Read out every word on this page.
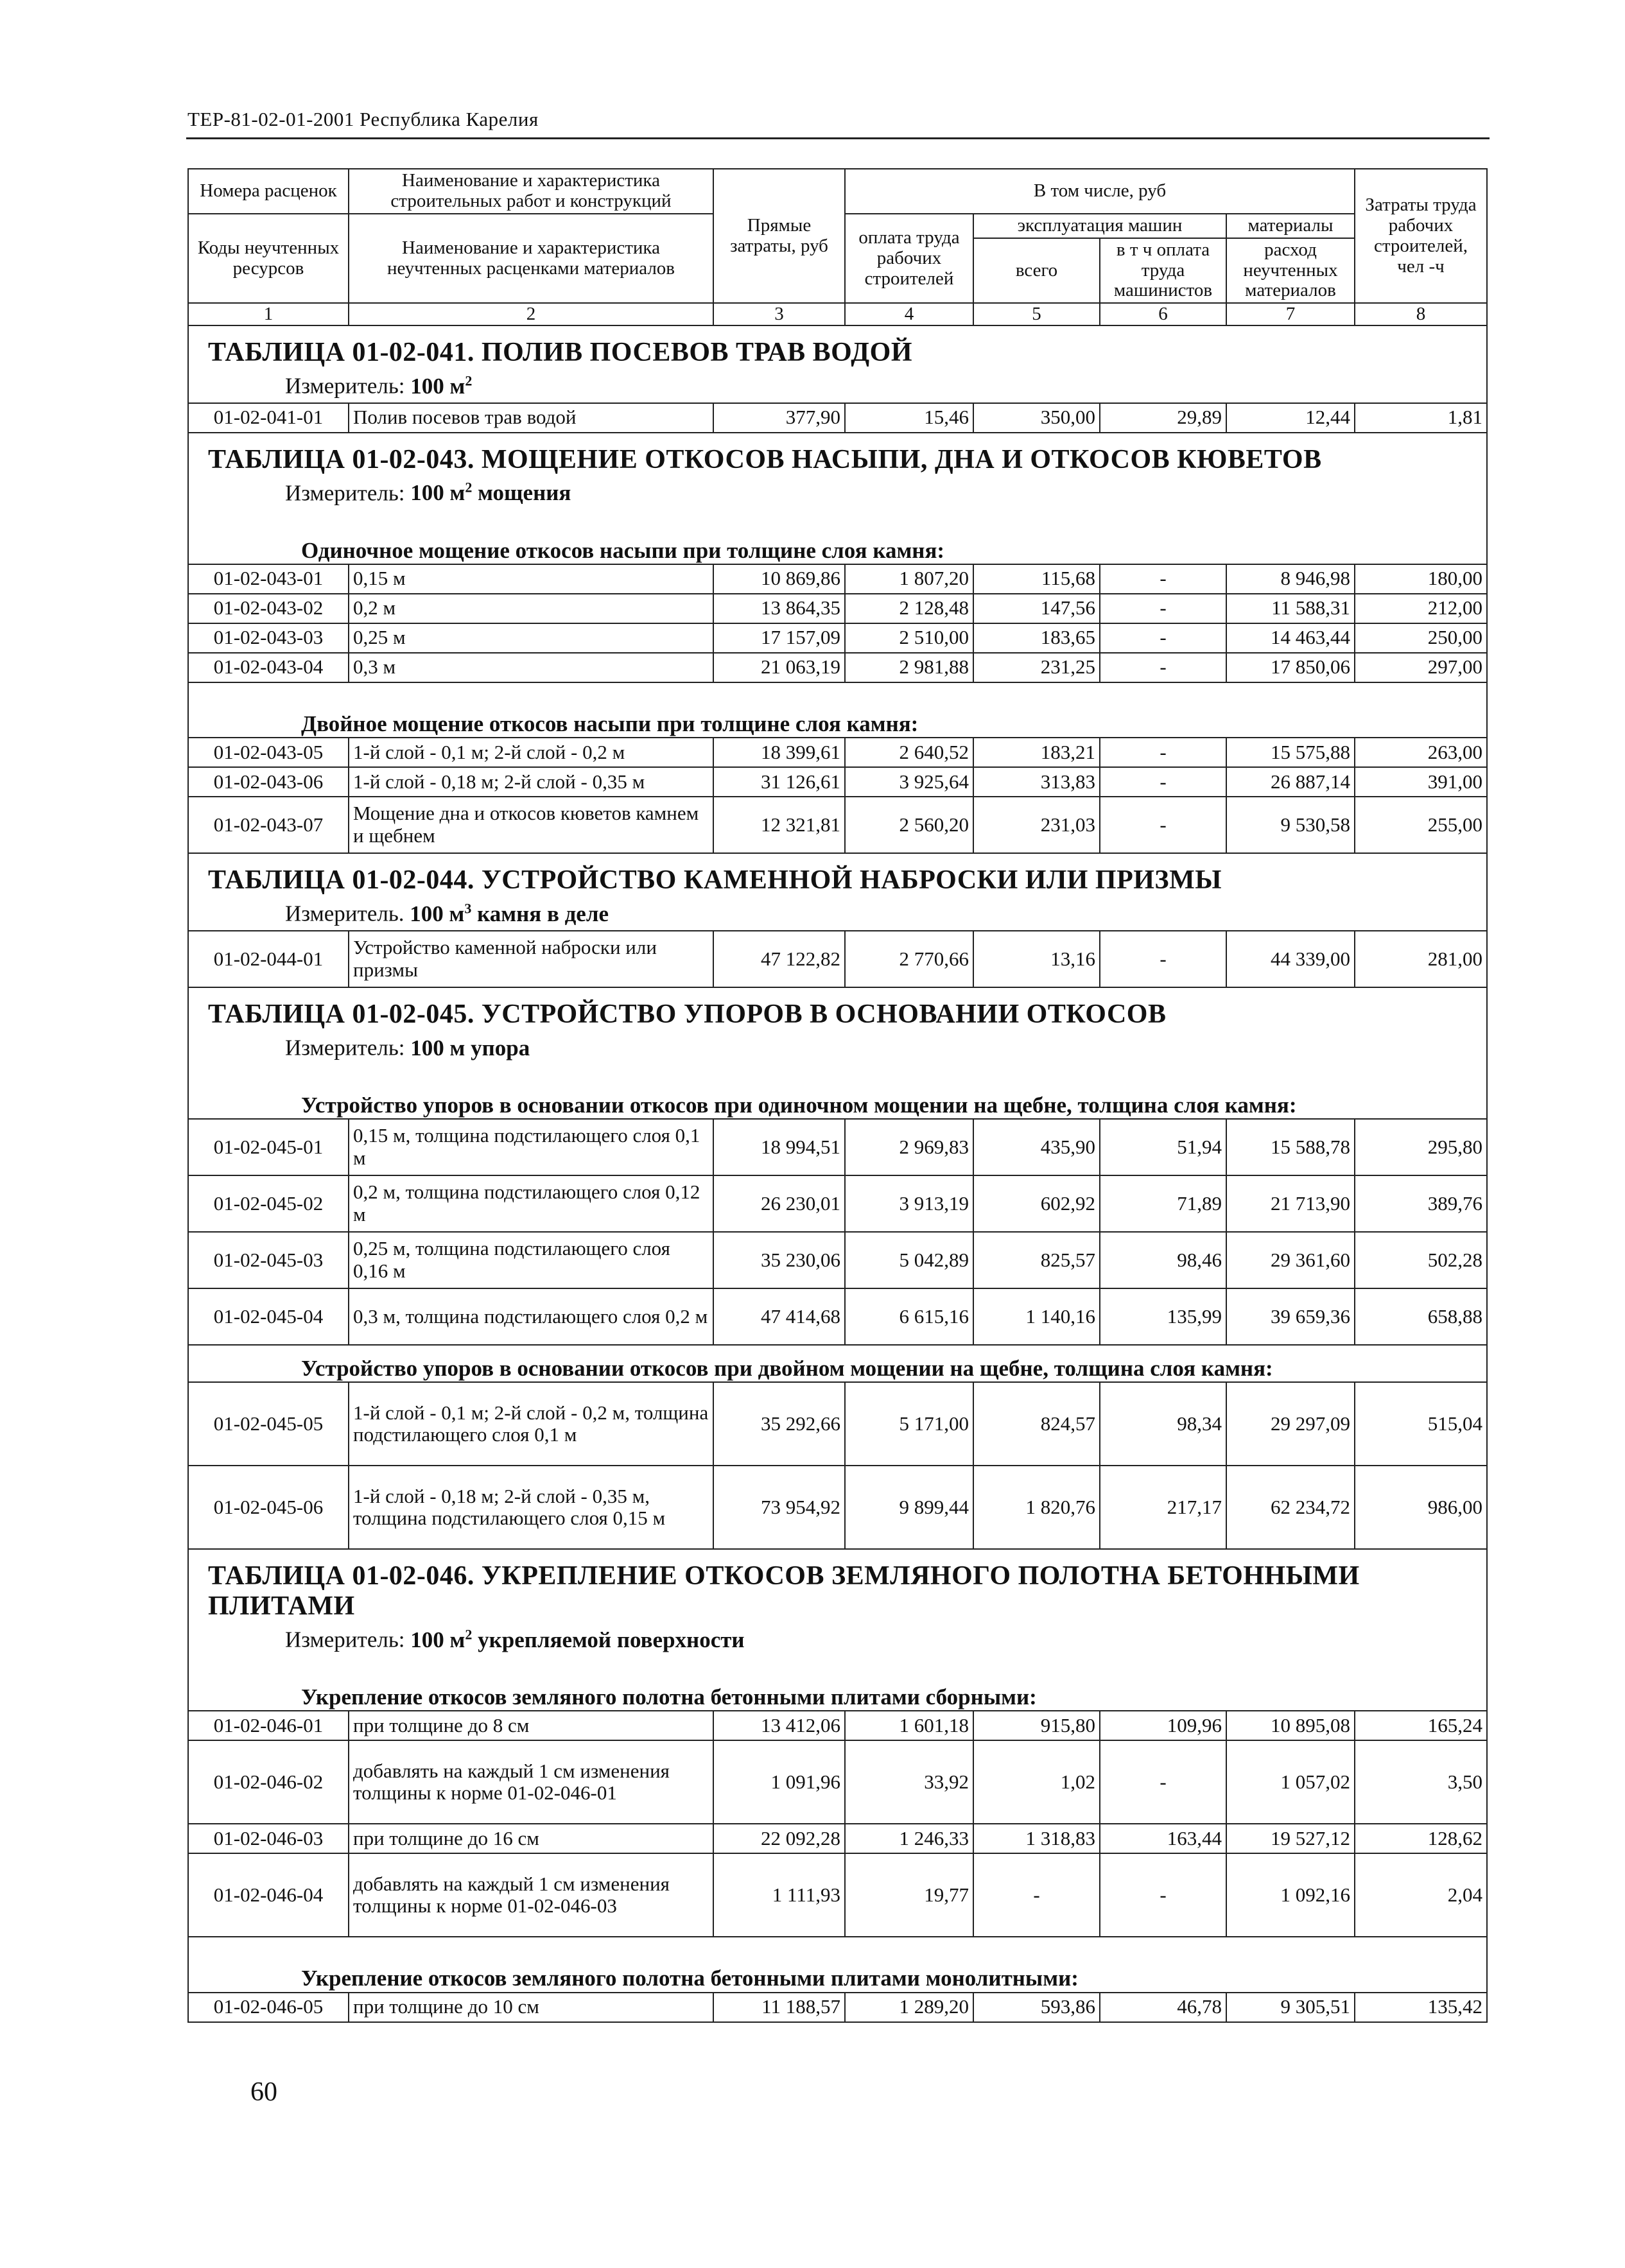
ТЕР-81-02-01-2001 Республика Карелия
Номера расценок	Наименование и характеристика строительных работ и конструкций	Прямые затраты, руб	В том числе, руб				Затраты труда рабочих строителей, чел -ч
Коды неучтенных ресурсов	Наименование и характеристика неучтенных расценками материалов		оплата труда рабочих строителей	эксплуатация машин		материалы	
				всего	в т ч оплата труда машинистов	расход неучтенных материалов	
1	2	3	4	5	6	7	8
ТАБЛИЦА 01-02-041. ПОЛИВ ПОСЕВОВ ТРАВ ВОДОЙ							
Измеритель: 100 $м^2$
01-02-041-01	Полив посевов трав водой	377,90	15,46	350,00	29,89	12,44	1,81
ТАБЛИЦА 01-02-043. МОЩЕНИЕ ОТКОСОВ НАСЫПИ, ДНА И ОТКОСОВ КЮВЕТОВ							
Измеритель: 100 $м^2$ мощения							
Одиночное мощение откосов насыпи при толщине слоя камня:							
01-02-043-01	0,15 м	10 869,86	1 807,20	115,68	-	8 946,98	180,00
01-02-043-02	0,2 м	13 864,35	2 128,48	147,56	-	11 588,31	212,00
01-02-043-03	0,25 м	17 157,09	2 510,00	183,65	-	14 463,44	250,00
01-02-043-04	0,3 м	21 063,19	2 981,88	231,25	-	17 850,06	297,00
Двойное мощение откосов насыпи при толщине слоя камня:							
01-02-043-05	1-й слой - 0,1 м; 2-й слой - 0,2 м	18 399,61	2 640,52	183,21	-	15 575,88	263,00
01-02-043-06	1-й слой - 0,18 м; 2-й слой - 0,35 м	31 126,61	3 925,64	313,83	-	26 887,14	391,00
01-02-043-07	Мощение дна и откосов кюветов камнем и щебнем	12 321,81	2 560,20	231,03	-	9 530,58	255,00
ТАБЛИЦА 01-02-044. УСТРОЙСТВО КАМЕННОЙ НАБРОСКИ ИЛИ ПРИЗМЫ							
Измеритель. 100 $м^3$ камня в деле							
01-02-044-01	Устройство каменной наброски или призмы	47 122,82	2 770,66	13,16	-	44 339,00	281,00
ТАБЛИЦА 01-02-045. УСТРОЙСТВО УПОРОВ В ОСНОВАНИИ ОТКОСОВ							
Измеритель: 100 м упора							
Устройство упоров в основании откосов при одиночном мощении на щебне, толщина слоя камня:							
01-02-045-01	0,15 м, толщина подстилающего слоя 0,1 м	18 994,51	2 969,83	435,90	51,94	15 588,78	295,80
01-02-045-02	0,2 м, толщина подстилающего слоя 0,12 м	26 230,01	3 913,19	602,92	71,89	21 713,90	389,76
01-02-045-03	0,25 м, толщина подстилающего слоя 0,16 м	35 230,06	5 042,89	825,57	98,46	29 361,60	502,28
01-02-045-04	0,3 м, толщина подстилающего слоя 0,2 м	47 414,68	6 615,16	1 140,16	135,99	39 659,36	658,88
Устройство упоров в основании откосов при двойном мощении на щебне, толщина слоя камня:							
01-02-045-05	1-й слой - 0,1 м; 2-й слой - 0,2 м, толщина подстилающего слоя 0,1 м	35 292,66	5 171,00	824,57	98,34	29 297,09	515,04
01-02-045-06	1-й слой - 0,18 м; 2-й слой - 0,35 м, толщина подстилающего слоя 0,15 м	73 954,92	9 899,44	1 820,76	217,17	62 234,72	986,00
ТАБЛИЦА 01-02-046. УКРЕПЛЕНИЕ ОТКОСОВ ЗЕМЛЯНОГО ПОЛОТНА БЕТОННЫМИ ПЛИТАМИ							
Измеритель: 100 $м^2$ укрепляемой поверхности							
Укрепление откосов земляного полотна бетонными плитами сборными:							
01-02-046-01	при толщине до 8 см	13 412,06	1 601,18	915,80	109,96	10 895,08	165,24
01-02-046-02	добавлять на каждый 1 см изменения толщины к норме 01-02-046-01	1 091,96	33,92	1,02	-	1 057,02	3,50
01-02-046-03	при толщине до 16 см	22 092,28	1 246,33	1 318,83	163,44	19 527,12	128,62
01-02-046-04	добавлять на каждый 1 см изменения толщины к норме 01-02-046-03	1 111,93	19,77	-	-	1 092,16	2,04
Укрепление откосов земляного полотна бетонными плитами монолитными:							
01-02-046-05	при толщине до 10 см	11 188,57	1 289,20	593,86	46,78	9 305,51	135,42
60
